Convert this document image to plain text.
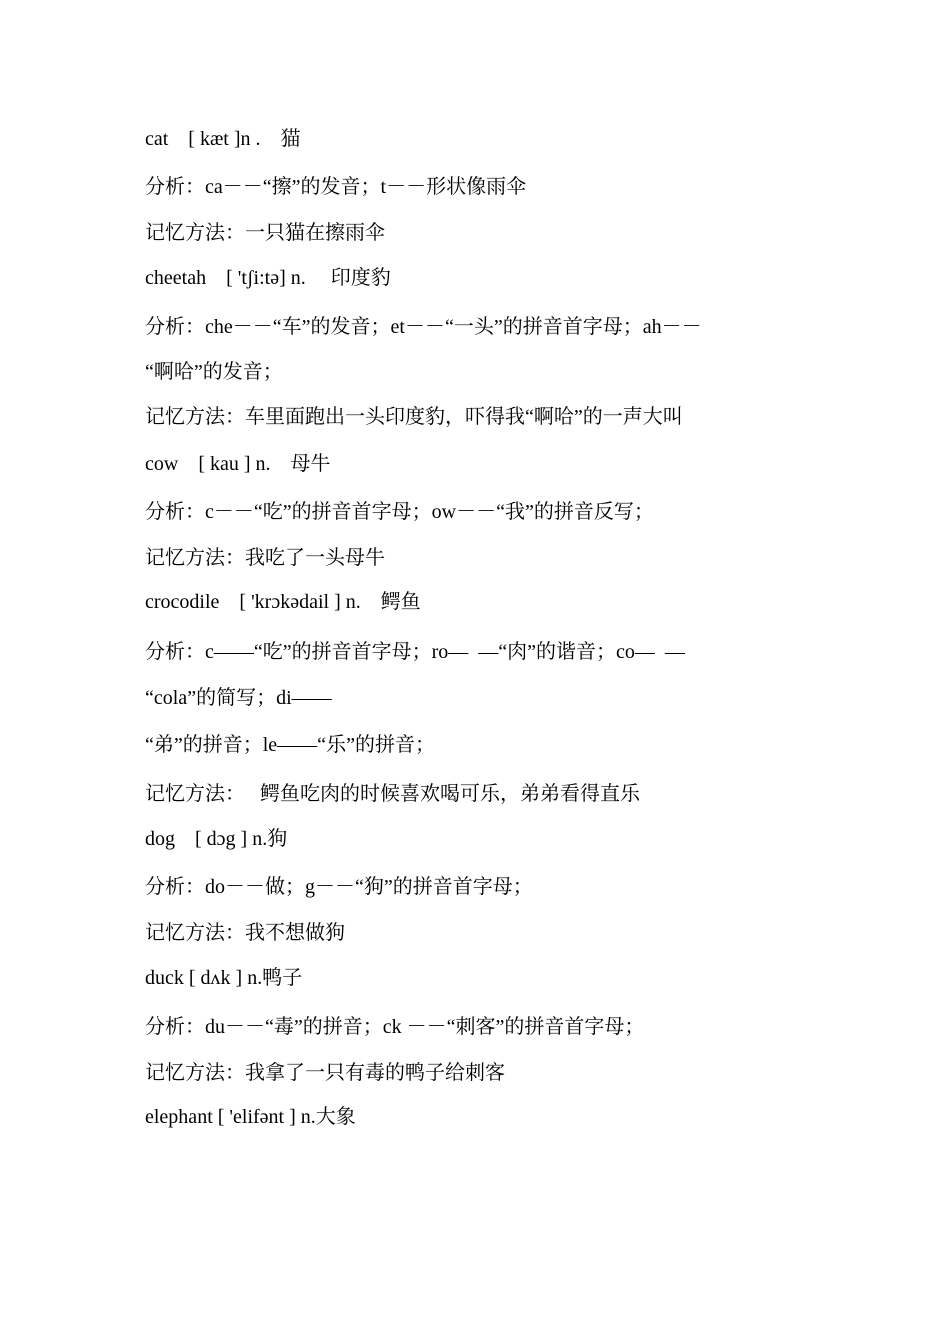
cat    [ kæt ]n .    猫
分析：ca－－“擦”的发音；t－－形状像雨伞
记忆方法：一只猫在擦雨伞
cheetah    [ 'tʃi:tə] n.     印度豹
分析：che－－“车”的发音；et－－“一头”的拼音首字母；ah－－
“啊哈”的发音；
记忆方法：车里面跑出一头印度豹，吓得我“啊哈”的一声大叫
cow    [ kau ] n.    母牛
分析：c－－“吃”的拼音首字母；ow－－“我”的拼音反写；
记忆方法：我吃了一头母牛
crocodile    [ 'krɔkədail ] n.    鳄鱼
分析：c——“吃”的拼音首字母；ro—  —“肉”的谐音；co—  —
“cola”的简写；di——
“弟”的拼音；le——“乐”的拼音；
记忆方法：   鳄鱼吃肉的时候喜欢喝可乐，弟弟看得直乐
dog    [ dɔg ] n.狗
分析：do－－做；g－－“狗”的拼音首字母；
记忆方法：我不想做狗
duck [ dʌk ] n.鸭子
分析：du－－“毒”的拼音；ck －－“刺客”的拼音首字母；
记忆方法：我拿了一只有毒的鸭子给刺客
elephant [ 'elifənt ] n.大象
